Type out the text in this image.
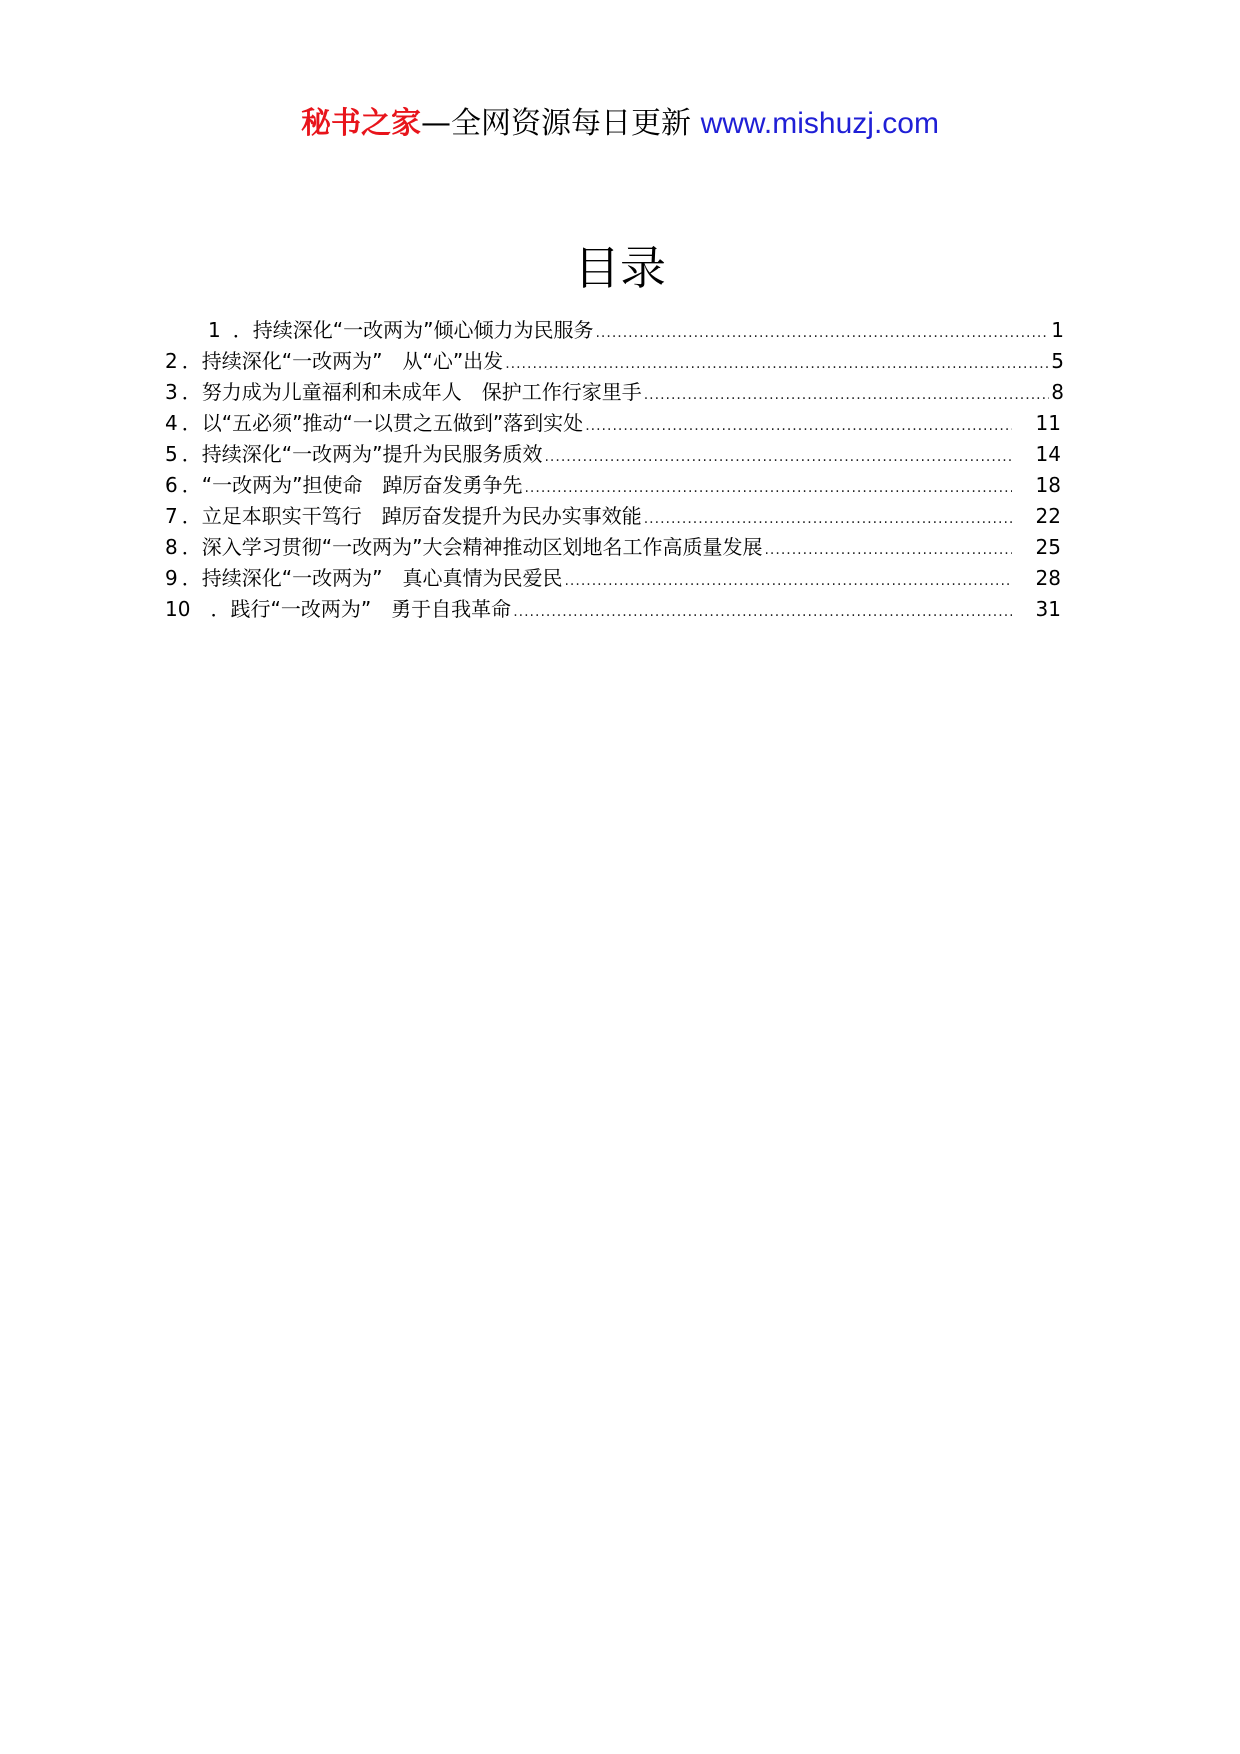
秘书之家—全网资源每日更新 www.mishuzj.com
目录
1 ． 持续深化“一改两为”倾心倾力为民服务 .....	1
2 ． 持续深化“一改两为”　从“心”出发 .....	5
3 ． 努力成为儿童福利和未成年人　保护工作行家里手 .....	8
4 ． 以“五必须”推动“一以贯之五做到”落到实处 .....	11
5 ． 持续深化“一改两为”提升为民服务质效 .....	14
6 ． “一改两为”担使命　踔厉奋发勇争先 .....	18
7 ． 立足本职实干笃行　踔厉奋发提升为民办实事效能 .....	22
8 ． 深入学习贯彻“一改两为”大会精神推动区划地名工作高质量发展 .....	25
9 ． 持续深化“一改两为”　真心真情为民爱民 .....	28
10 ． 践行“一改两为”　勇于自我革命 .....	31
